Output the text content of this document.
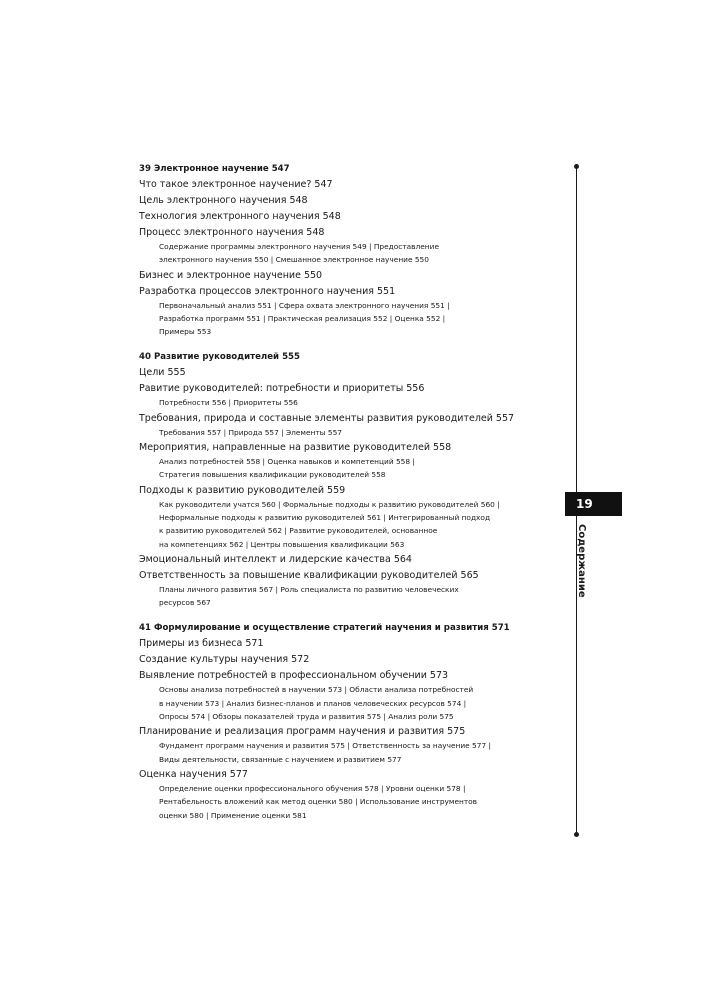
39 Электронное научение 547
Что такое электронное научение? 547
Цель электронного научения 548
Технология электронного научения 548
Процесс электронного научения 548
Содержание программы электронного научения 549 | Предоставление
электронного научения 550 | Смешанное электронное научение 550
Бизнес и электронное научение 550
Разработка процессов электронного научения 551
Первоначальный анализ 551 | Сфера охвата электронного научения 551 |
Разработка программ 551 | Практическая реализация 552 | Оценка 552 |
Примеры 553
40 Развитие руководителей 555
Цели 555
Равитие руководителей: потребности и приоритеты 556
Потребности 556 | Приоритеты 556
Требования, природа и составные элементы развития руководителей 557
Требования 557 | Природа 557 | Элементы 557
Мероприятия, направленные на развитие руководителей 558
Анализ потребностей 558 | Оценка навыков и компетенций 558 |
Стратегия повышения квалификации руководителей 558
Подходы к развитию руководителей 559
Как руководители учатся 560 | Формальные подходы к развитию руководителей 560 |
Неформальные подходы к развитию руководителей 561 | Интегрированный подход
к развитию руководителей 562 | Развитие руководителей, основанное
на компетенциях 562 | Центры повышения квалификации 563
Эмоциональный интеллект и лидерские качества 564
Ответственность за повышение квалификации руководителей 565
Планы личного развития 567 | Роль специалиста по развитию человеческих
ресурсов 567
41 Формулирование и осуществление стратегий научения и развития 571
Примеры из бизнеса 571
Создание культуры научения 572
Выявление потребностей в профессиональном обучении 573
Основы анализа потребностей в научении 573 | Области анализа потребностей
в научении 573 | Анализ бизнес-планов и планов человеческих ресурсов 574 |
Опросы 574 | Обзоры показателей труда и развития 575 | Анализ роли 575
Планирование и реализация программ научения и развития 575
Фундамент программ научения и развития 575 | Ответственность за научение 577 |
Виды деятельности, связанные с научением и развитием 577
Оценка научения 577
Определение оценки профессионального обучения 578 | Уровни оценки 578 |
Рентабельность вложений как метод оценки 580 | Использование инструментов
оценки 580 | Применение оценки 581
19
Содержание
